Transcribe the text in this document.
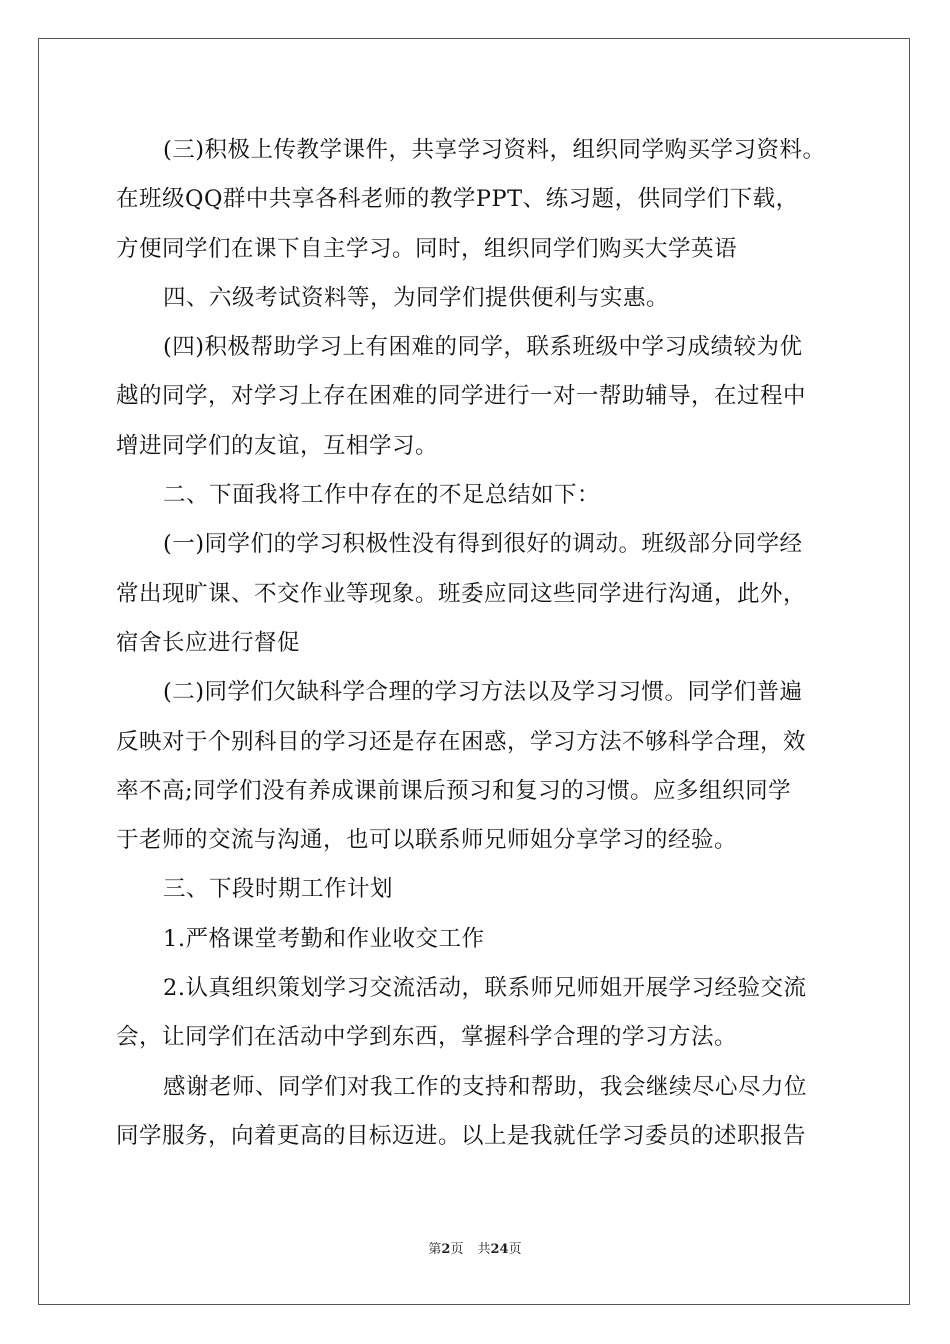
(三)积极上传教学课件，共享学习资料，组织同学购买学习资料。
在班级QQ群中共享各科老师的教学PPT、练习题，供同学们下载，
方便同学们在课下自主学习。同时，组织同学们购买大学英语
四、六级考试资料等，为同学们提供便利与实惠。
(四)积极帮助学习上有困难的同学，联系班级中学习成绩较为优
越的同学，对学习上存在困难的同学进行一对一帮助辅导，在过程中
增进同学们的友谊，互相学习。
二、下面我将工作中存在的不足总结如下：
(一)同学们的学习积极性没有得到很好的调动。班级部分同学经
常出现旷课、不交作业等现象。班委应同这些同学进行沟通，此外，
宿舍长应进行督促
(二)同学们欠缺科学合理的学习方法以及学习习惯。同学们普遍
反映对于个别科目的学习还是存在困惑，学习方法不够科学合理，效
率不高;同学们没有养成课前课后预习和复习的习惯。应多组织同学
于老师的交流与沟通，也可以联系师兄师姐分享学习的经验。
三、下段时期工作计划
1.严格课堂考勤和作业收交工作
2.认真组织策划学习交流活动，联系师兄师姐开展学习经验交流
会，让同学们在活动中学到东西，掌握科学合理的学习方法。
感谢老师、同学们对我工作的支持和帮助，我会继续尽心尽力位
同学服务，向着更高的目标迈进。以上是我就任学习委员的述职报告
第2页 共24页
